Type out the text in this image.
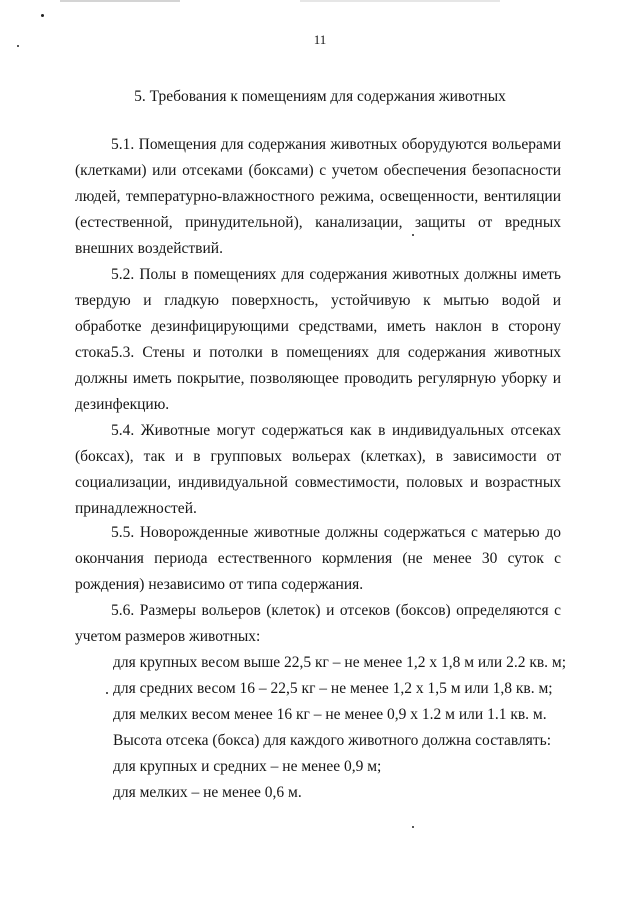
11
5. Требования к помещениям для содержания животных

5.1. Помещения для содержания животных оборудуются вольерами (клетками) или отсеками (боксами) с учетом обеспечения безопасности людей, температурно-влажностного режима, освещенности, вентиляции (естественной, принудительной), канализации, защиты от вредных внешних воздействий.

5.2. Полы в помещениях для содержания животных должны иметь твердую и гладкую поверхность, устойчивую к мытью водой и обработке дезинфицирующими средствами, иметь наклон в сторону стока.

5.3. Стены и потолки в помещениях для содержания животных должны иметь покрытие, позволяющее проводить регулярную уборку и дезинфекцию.

5.4. Животные могут содержаться как в индивидуальных отсеках (боксах), так и в групповых вольерах (клетках), в зависимости от социализации, индивидуальной совместимости, половых и возрастных принадлежностей.

5.5. Новорожденные животные должны содержаться с матерью до окончания периода естественного кормления (не менее 30 суток с рождения) независимо от типа содержания.

5.6. Размеры вольеров (клеток) и отсеков (боксов) определяются с учетом размеров животных:

для крупных весом выше 22,5 кг – не менее 1,2 х 1,8 м или 2.2 кв. м;

для средних весом 16 – 22,5 кг – не менее 1,2 х 1,5 м или 1,8 кв. м;

для мелких весом менее 16 кг – не менее 0,9 х 1.2 м или 1.1 кв. м.

Высота отсека (бокса) для каждого животного должна составлять:

для крупных и средних – не менее 0,9 м;

для мелких – не менее 0,6 м.
